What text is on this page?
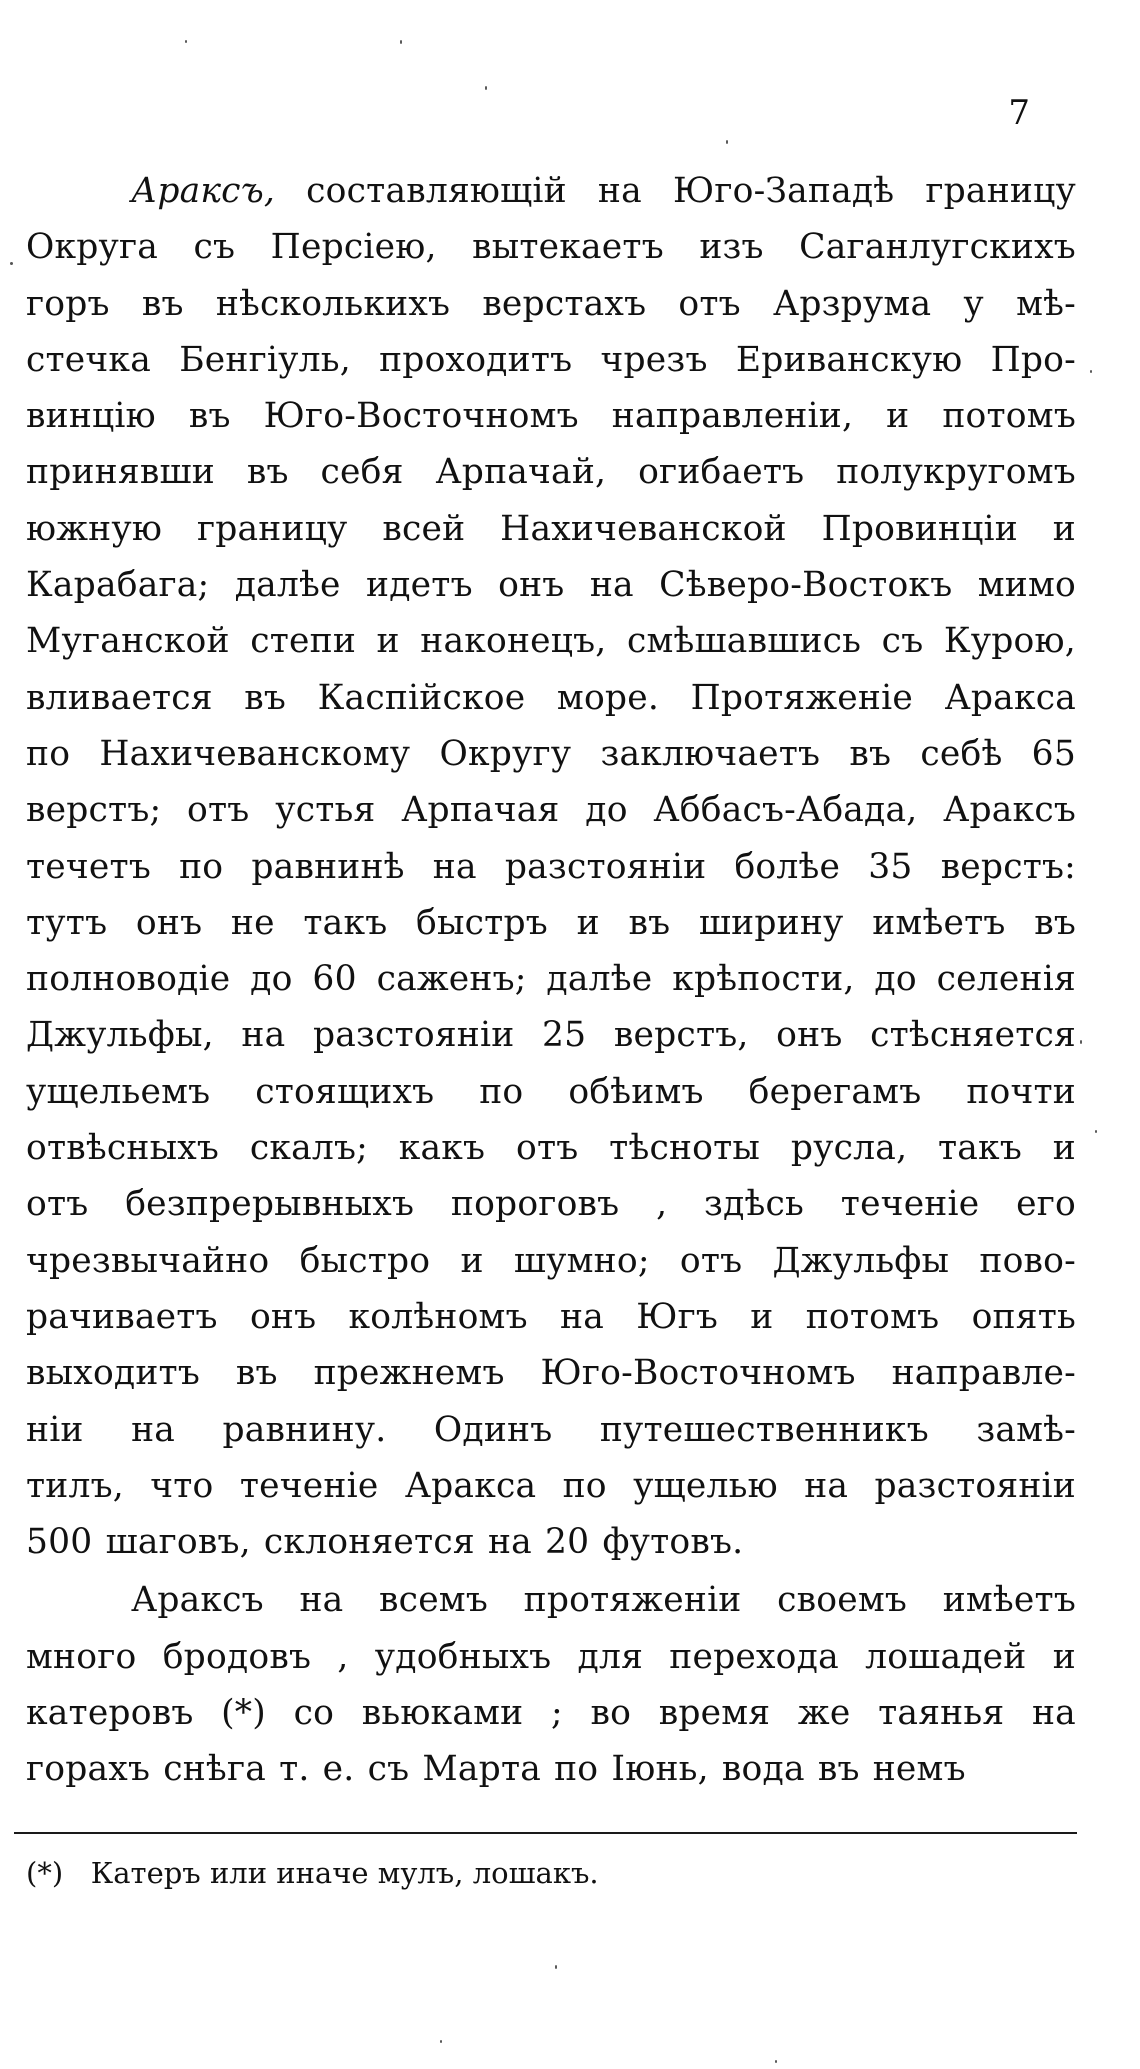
7
Араксъ, составляющій на Юго-Западѣ границу
Округа съ Персіею, вытекаетъ изъ Саганлугскихъ
горъ въ нѣсколькихъ верстахъ отъ Арзрума у мѣ-
стечка Бенгіуль, проходитъ чрезъ Ериванскую Про-
винцію въ Юго-Восточномъ направленіи, и потомъ
принявши въ себя Арпачай, огибаетъ полукругомъ
южную границу всей Нахичеванской Провинціи и
Карабага; далѣе идетъ онъ на Сѣверо-Востокъ мимо
Муганской степи и наконецъ, смѣшавшись съ Курою,
вливается въ Каспійское море. Протяженіе Аракса
по Нахичеванскому Округу заключаетъ въ себѣ 65
верстъ; отъ устья Арпачая до Аббасъ-Абада, Араксъ
течетъ по равнинѣ на разстояніи болѣе 35 верстъ:
тутъ онъ не такъ быстръ и въ ширину имѣетъ въ
полноводіе до 60 саженъ; далѣе крѣпости, до селенія
Джульфы, на разстояніи 25 верстъ, онъ стѣсняется
ущельемъ стоящихъ по обѣимъ берегамъ почти
отвѣсныхъ скалъ; какъ отъ тѣсноты русла, такъ и
отъ безпрерывныхъ пороговъ , здѣсь теченіе его
чрезвычайно быстро и шумно; отъ Джульфы пово-
рачиваетъ онъ колѣномъ на Югъ и потомъ опять
выходитъ въ прежнемъ Юго-Восточномъ направле-
ніи на равнину. Одинъ путешественникъ замѣ-
тилъ, что теченіе Аракса по ущелью на разстояніи
500 шаговъ, склоняется на 20 футовъ.
Араксъ на всемъ протяженіи своемъ имѣетъ
много бродовъ , удобныхъ для перехода лошадей и
катеровъ (*) со вьюками ; во время же таянья на
горахъ снѣга т. е. съ Марта по Іюнь, вода въ немъ
(*) Катеръ или иначе мулъ, лошакъ.
